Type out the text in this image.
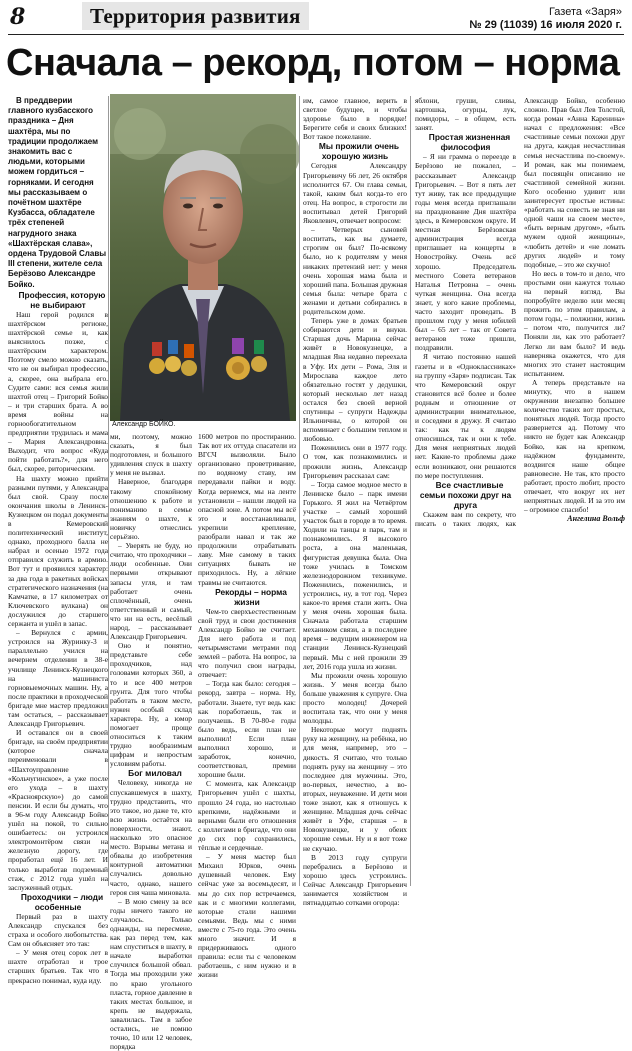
8	Территория развития	Газета «Заря»
№ 29 (11039) 16 июля 2020 г.
Сначала – рекорд, потом – норма

В преддверии главного кузбасского праздника – Дня шахтёра, мы по традиции продолжаем знакомить вас с людьми, которыми можем гордиться – горняками. И сегодня мы рассказываем о почётном шахтёре Кузбасса, обладателе трёх степеней нагрудного знака «Шахтёрская слава», ордена Трудовой Славы III степени, жителе села Берёзово Александре Бойко.

Профессия, которую не выбирают

Наш герой родился в шахтёрском регионе, шахтёрской семье и, как выяснилось позже, с шахтёрским характером. Поэтому смело можно сказать, что не он выбирал профессию, а, скорее, она выбрала его. Судите сами: вся семья жили шахтой отец – Григорий Бойко – и три старших брата. А во время войны на горнообогатительном предприятии трудилась и мама – Мария Александровна. Выходит, что вопрос «Куда пойти работать?», для него был, скорее, риторическим.

На шахту можно прийти разными путями, у Александра был свой. Сразу после окончания школы в Ленинск-Кузнецком он подал документы в Кемеровский политехнический институт, однако, проходного балла не набрал и осенью 1972 года отправился служить в армию. Вот тут и проявился характер: за два года в ракетных войсках стратегического назначения (на Камчатке, в 17 километрах от Ключевского вулкана) он дослужился до старшего сержанта и ушёл в запас.

– Вернулся с армии, устроился на Журинку-3 и параллельно учился на вечернем отделении в 38-е училище Ленинск-Кузнецкого на машиниста горновыемочных машин. Ну, а после практики в проходческой бригаде мне мастер предложил там остаться, – рассказывает Александр Григорьевич.

И оставался он в своей бригаде, на своём предприятии (которое сначала переименовали в «Шахтоуправление «Кольчугинское», а уже после его ухода – в шахту «Красноярскую») до самой пенсии. И если бы думать, что в 96-м году Александр Бойко ушёл на покой, то сильно ошибаетесь: он устроился электромонтёром связи на железную дорогу, где проработал ещё 16 лет. И только выработав подземный стаж, с 2012 года ушёл на заслуженный отдых.

Проходчики – люди особенные

Первый раз в шахту Александр спускался без страха и особого любопытства. Сам он объясняет это так:

– У меня отец сорок лет в шахте отработал и трое старших братьев. Так что я прекрасно понимал, куда иду.

Александр БОЙКО.

ми, поэтому, можно сказать, я был подготовлен, и большого удивления спуск в шахту у меня не вызвал.

Наверное, благодаря такому спокойному отношению к работе и пониманию в семье знаниям о шахте, к новичку отнеслись серьёзно.

– Уверять не буду, но считаю, что проходчики – люди особенные. Они первыми открывают запасы угля, и там работает очень сплочённый, очень ответственный и самый, что ни на есть, весёлый народ, – рассказывает Александр Григорьевич.

Оно и понятно, представьте себе проходчиков, над головами которых 360, а то и все 400 метров грунта. Для того чтобы работать в таком месте, нужен особый склад характера. Ну, а юмор помогает проще относиться к таким трудно вообразимым цифрам и непростым условиям работы.

Бог миловал

Человеку, никогда не спускавшемуся в шахту, трудно представить, что это такое, но даже те, кто всю жизнь остаётся на поверхности, знают, насколько это опасное место. Взрывы метана и обвалы до изобретения контурной автоматики случались довольно часто, однако, нашего героя сия чаша миновала.

– В мою смену за все годы ничего такого не случалось. Только однажды, на пересмене, как раз перед тем, как нам спуститься в шахту, в начале выработки случился большой обвал. Тогда мы проходили уже по краю угольного пласта, горное давление в таких местах большое, и крепь не выдержала, завалилась. Там в забое остались, не помню точно, 10 или 12 человек, порядка

1600 метров по простиранию. Так вот их оттуда спасатели из ВГСЧ вызволяли. Было организовано проветривание, по водяному ставу, им передавали пайки и воду. Когда вернемся, мы на ленте установили – нашли людей на опасной зоне. А потом мы всё это и восстанавливали, укрепили крепление, разобрали навал и так же продолжили отрабатывать лаву. Мне самому в таких ситуациях бывать не приходилось. Ну, а лёгкие травмы не считаются.

Рекорды – норма жизни

Чем-то сверхъестественным свой труд и свои достижения Александр Бойко не считает. Для него работа и под четырьмястами метрами под землей – работа. На вопрос, за что получил свои награды, отвечает:

– Тогда как было: сегодня – рекорд, завтра – норма. Ну, работали. Знаете, тут ведь как: как поработаешь, так и получаешь. В 70-80-е годы было ведь, если план не выполнил! Если план выполнил хорошо, и заработок, конечно, соответствовал, премии хорошие были.

С момента, как Александр Григорьевич ушёл с шахты, прошло 24 года, но настолько крепкими, надёжными и верными были его отношения с коллегами в бригаде, что они до сих пор сохранились, тёплые и сердечные.

– У меня мастер был Михаил Юрков, очень душевный человек. Ему сейчас уже за восемьдесят, и мы до сих пор встречаемся, как и с многими коллегами, которые стали нашими семьями. Ведь мы с ними вместе с 75-го года. Это очень много значит. И я придерживаюсь одного правила: если ты с человеком работаешь, с ним нужно и в жизни

им, самое главное, верить в светлое будущее, и чтобы здоровье было в порядке! Берегите себя и своих близких! Вот такое пожелание.

Мы прожили очень хорошую жизнь

Сегодня Александру Григорьевичу 66 лет, 26 октября исполнится 67. Он глава семьи, такой, каким был когда-то его отец. На вопрос, в строгости ли воспитывал детей Григорий Яковлевич, отвечает вопросом:

– Четверых сыновей воспитать, как вы думаете, строгим он был? По-всякому было, но к родителям у меня никаких претензий нет: у меня очень хорошая мама была и хороший папа. Большая дружная семья была: четыре брата с женами и детьми собирались в родительском доме.

Теперь уже в домах братьев собираются дети и внуки. Старшая дочь Марина сейчас живёт в Новокузнецке, а младшая Яна недавно переехала в Уфу. Их дети – Рома, Эля и Мирослава каждое лето обязательно гостят у дедушки, который несколько лет назад остался без своей верной спутницы – супруги Надежды Ильиничны, о которой он вспоминает с большим теплом и любовью.

Поженились они в 1977 году. О том, как познакомились и прожили жизнь, Александр Григорьевич рассказал сам:

– Тогда самое модное место в Ленинске было – парк имени Горького. Я жил на Четвёртом участке – самый хороший участок был в городе в то время. Ходили на танцы в парк, там и познакомились. Я высокого роста, а она маленькая, фигуристая девушка была. Она тоже училась в Томском железнодорожном техникуме. Поженились, поженились, и устроились, ну, в тот год. Через какое-то время стали жить. Она у меня очень хорошая была. Сначала работала старшим механиком связи, а в последнее время – ведущим инженером на станции Ленинск-Кузнецкий первый. Мы с ней прожили 39 лет, 2016 года ушла из жизни.

Мы прожили очень хорошую жизнь. У меня всегда было больше уважения к супруге. Она просто молодец! Дочерей воспитала так, что они у меня молодцы.

Некоторые могут поднять руку на женщину, на ребёнка, но для меня, например, это – дикость. Я считаю, что только поднять руку на женщину – это последнее для мужчины. Это, во-первых, нечестно, а во-вторых, неуважение. И дети мои тоже знают, как я отношусь к женщине. Младшая дочь сейчас живёт в Уфе, старшая – в Новокузнецке, и у обеих хорошие семьи. Ну и я вот тоже не скучаю.

В 2013 году супруги перебрались в Берёзово и хорошо здесь устроились. Сейчас Александр Григорьевич занимается хозяйством и пятнадцатью сотками огорода:

яблони, груши, сливы, картошка, огурцы, лук, помидоры, – в общем, есть занят.

Простая жизненная философия

– Я ни грамма о переезде в Берёзово не пожалел, – рассказывает Александр Григорьевич. – Вот я пять лет тут живу, так все предыдущие годы меня всегда приглашали на празднование Дня шахтёра здесь, в Кемеровском округе. И местная Берёзовская администрация всегда приглашает на концерты в Новостройку. Очень всё хорошо. Председатель местного Совета ветеранов Наталья Петровна – очень чуткая женщина. Она всегда знает, у кого какие проблемы, часто заходит проведать. В прошлом году у меня юбилей был – 65 лет – так от Совета ветеранов тоже пришли, поздравили.

Я читаю постоянно нашей газеты и в «Одноклассниках» на группу «Заря» подписан. Так что Кемеровский округ становится всё более и более родным и отношение от администрации внимательное, и соседями я дружу. Я считаю так: как ты к людям относишься, так и они к тебе. Для меня неприятных людей нет. Какие-то проблемы даже если возникают, они решаются по мере поступления.

Все счастливые семьи похожи друг на друга

Скажем вам по секрету, что писать о таких людях, как Александр Бойко, особенно сложно. Прав был Лев Толстой, когда роман «Анна Каренина» начал с предложения: «Все счастливые семьи похожи друг на друга, каждая несчастливая семья несчастлива по-своему». И роман, как мы понимаем, был посвящён описанию не счастливой семейной жизни. Кого особенно удивит или заинтересует простые истины: «работать на совесть не зная ни одной чаши на своем месте», «быть верным другом», «быть мужем одной женщины», «любить детей» и «не ломать других людей» и тому подобные, – это же скучно!

Но весь в том-то и дело, что простыми они кажутся только на первый взгляд. Вы попробуйте неделю или месяц прожить по этим правилам, а потом годы, – полжизни, жизнь – потом что, получится ли? Поняли ли, как это работает? Легко ли вам было? И ведь наверняка окажется, что для многих это станет настоящим испытанием.

А теперь представьте на минутку, что в нашем окружении внезапно большее количество таких вот простых, понятных людей. Тогда просто развернется ад. Потому что никто не будет как Александр Бойко, как на крепком, надёжном фундаменте, воздвигся наше общее равновесие. Не так, кто просто работает, просто любит, просто отвечает, что вокруг их нет неприятных людей. И за это им – огромное спасибо!

Ангелина Вольф
